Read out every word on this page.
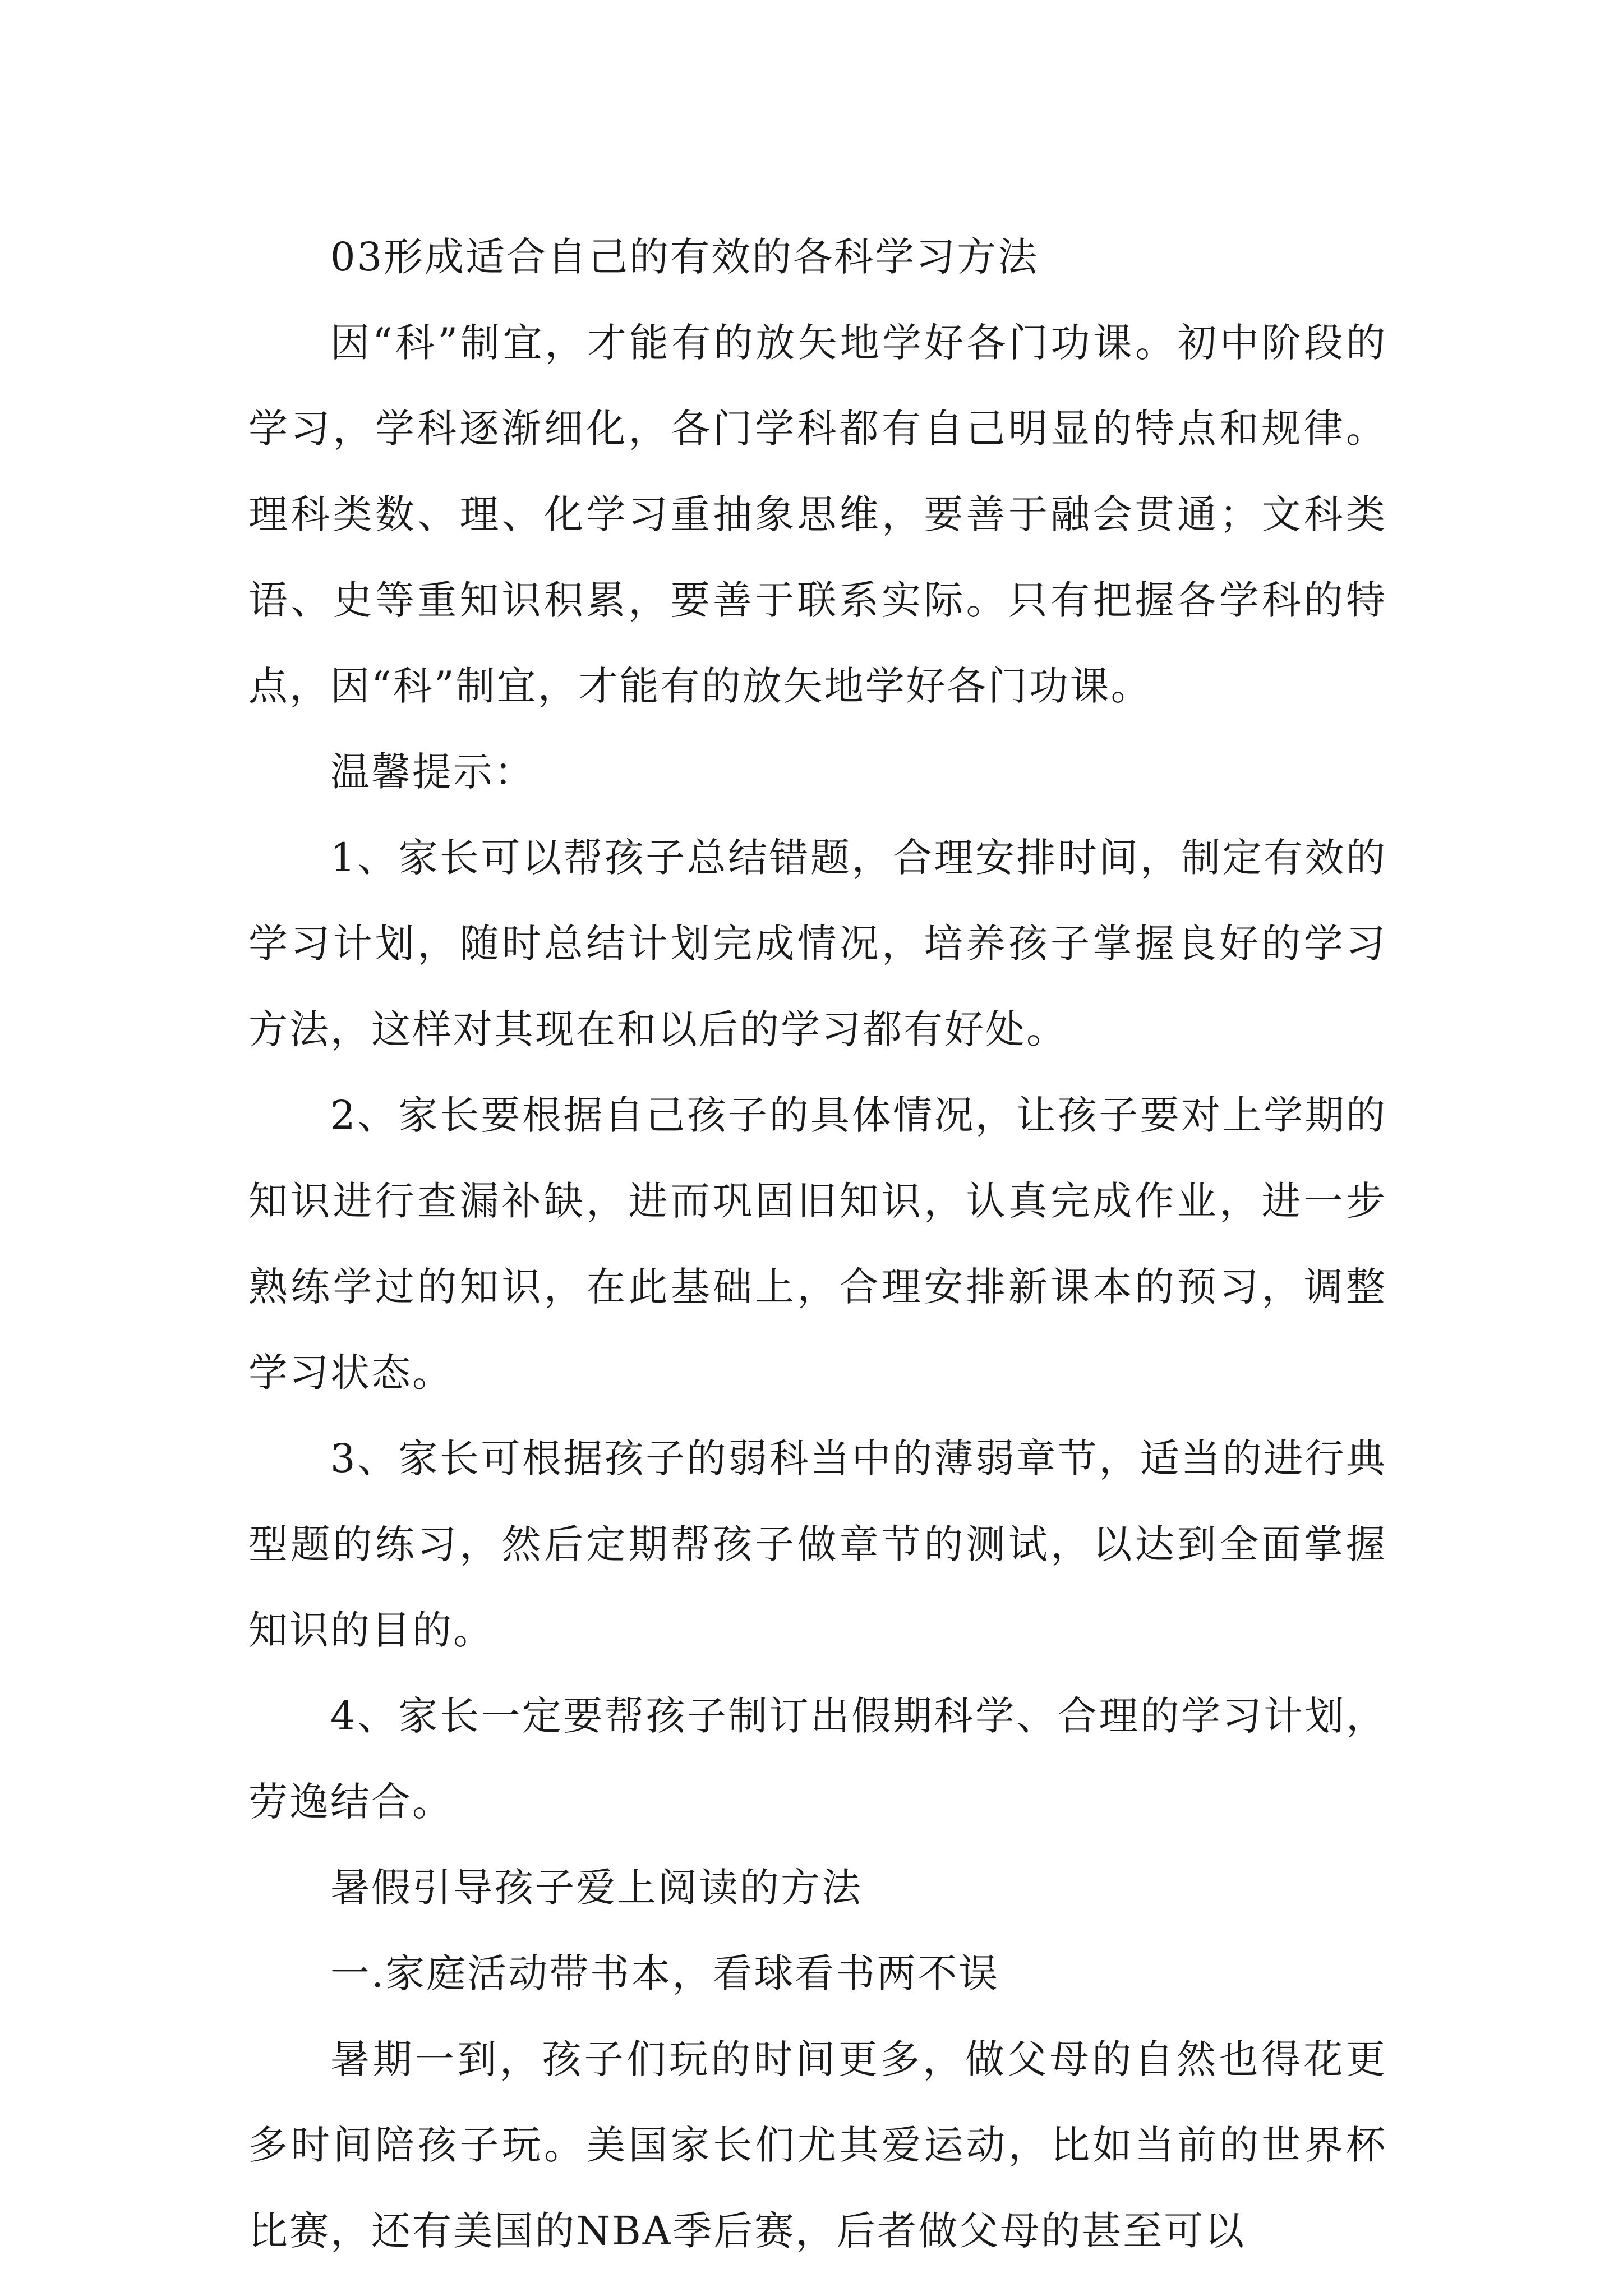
03形成适合自己的有效的各科学习方法

因“科”制宜，才能有的放矢地学好各门功课。初中阶段的学习，学科逐渐细化，各门学科都有自己明显的特点和规律。理科类数、理、化学习重抽象思维，要善于融会贯通；文科类语、史等重知识积累，要善于联系实际。只有把握各学科的特点，因“科”制宜，才能有的放矢地学好各门功课。

温馨提示：

1、家长可以帮孩子总结错题，合理安排时间，制定有效的学习计划，随时总结计划完成情况，培养孩子掌握良好的学习方法，这样对其现在和以后的学习都有好处。

2、家长要根据自己孩子的具体情况，让孩子要对上学期的知识进行查漏补缺，进而巩固旧知识，认真完成作业，进一步熟练学过的知识，在此基础上，合理安排新课本的预习，调整学习状态。

3、家长可根据孩子的弱科当中的薄弱章节，适当的进行典型题的练习，然后定期帮孩子做章节的测试，以达到全面掌握知识的目的。

4、家长一定要帮孩子制订出假期科学、合理的学习计划，劳逸结合。

暑假引导孩子爱上阅读的方法

一.家庭活动带书本，看球看书两不误

暑期一到，孩子们玩的时间更多，做父母的自然也得花更多时间陪孩子玩。美国家长们尤其爱运动，比如当前的世界杯比赛，还有美国的NBA季后赛，后者做父母的甚至可以
